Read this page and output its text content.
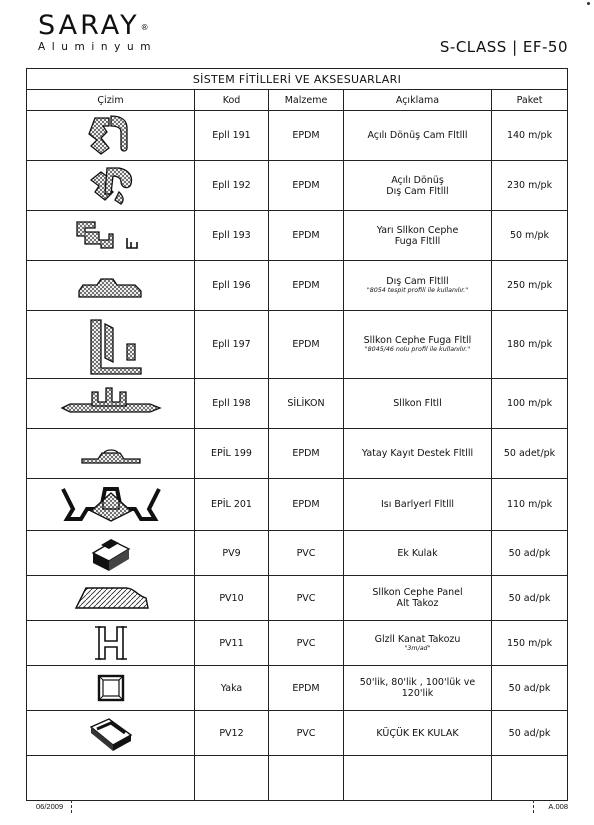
SARAY®
Aluminyum	S-CLASS | EF-50
SİSTEM FİTİLLERİ VE AKSESUARLARI				
Çizim	Kod	Malzeme	Açıklama	Paket

	Epll 191	EPDM	Açılı Dönüş Cam Fltlll	140 m/pk

	Epll 192	EPDM	Açılı Dönüş
Dış Cam Fltlll	230 m/pk

	Epll 193	EPDM	Yarı Sllkon Cephe
Fuga Fltlll	50 m/pk

	Epll 196	EPDM	Dış Cam Fltlll
"8054 tespit profili ile kullanılır."	250 m/pk

	Epll 197	EPDM	Sllkon Cephe Fuga Fltll
"8045/46 nolu profil ile kullanılır."	180 m/pk

	Epll 198	SİLİKON	Sllkon Fltll	100 m/pk

	EPİL 199	EPDM	Yatay Kayıt Destek Fltlll	50 adet/pk

	EPİL 201	EPDM	Isı Barlyerl Fltlll	110 m/pk

	PV9	PVC	Ek Kulak	50 ad/pk

	PV10	PVC	Sllkon Cephe Panel
Alt Takoz	50 ad/pk

	PV11	PVC	Glzll Kanat Takozu
"3m/ad"	150 m/pk

	Yaka	EPDM	50'lik, 80'lik , 100'lük ve
120'lik	50 ad/pk

	PV12	PVC	KÜÇÜK EK KULAK	50 ad/pk

06/2009	A.008
